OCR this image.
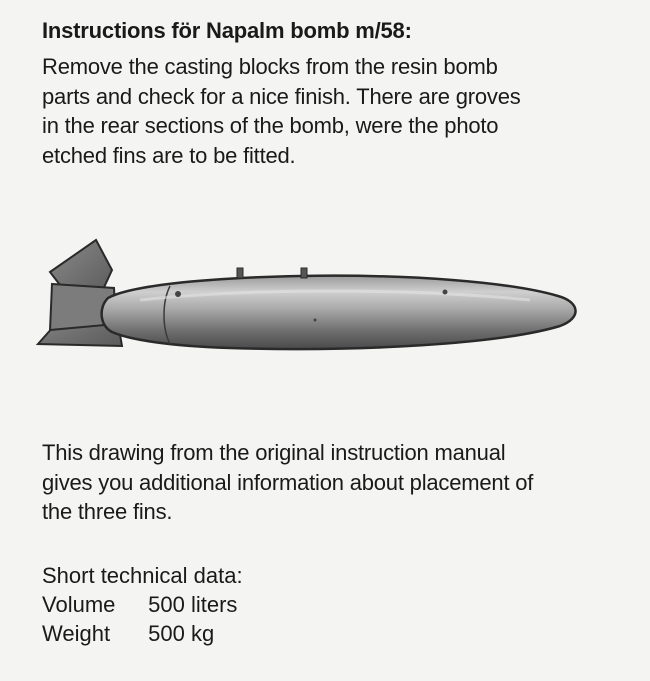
Instructions för Napalm bomb m/58:
Remove the casting blocks from the resin bomb
parts and check for a nice finish. There are groves
in the rear sections of the bomb, were the photo
etched fins are to be fitted.
This drawing from the original instruction manual
gives you additional information about placement of
the three fins.
Short technical data:
Volume 500 liters
Weight 500 kg
